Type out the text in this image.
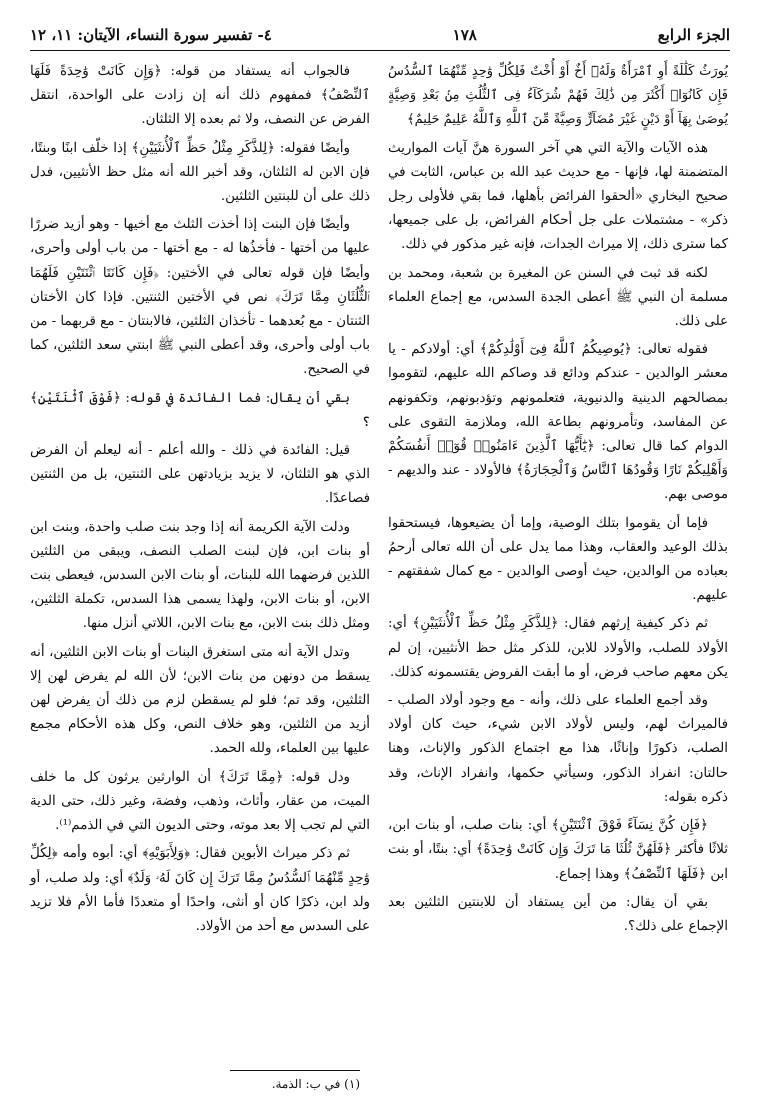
الجزء الرابع
١٧٨
٤- تفسير سورة النساء، الآيتان: ١١، ١٢

يُورَثُ كَلَٰلَةً أَوِ ٱمْرَأَةٌ وَلَهُۥٓ أَخٌ أَوْ أُخْتٌ فَلِكُلِّ وَٰحِدٍ مِّنْهُمَا ٱلسُّدُسُ فَإِن كَانُوٓا۟ أَكْثَرَ مِن ذَٰلِكَ فَهُمْ شُرَكَآءُ فِى ٱلثُّلُثِ مِنۢ بَعْدِ وَصِيَّةٍ يُوصَىٰ بِهَآ أَوْ دَيْنٍ غَيْرَ مُضَآرٍّ وَصِيَّةً مِّنَ ٱللَّهِ وَٱللَّهُ عَلِيمٌ حَلِيمٌ﴾

هذه الآيات والآية التي هي آخر السورة هنَّ آيات المواريث المتضمنة لها، فإنها - مع حديث عبد الله بن عباس، الثابت في صحيح البخاري «ألحقوا الفرائض بأهلها، فما بقي فلأولى رجل ذكر» - مشتملات على جل أحكام الفرائض، بل على جميعها، كما سترى ذلك، إلا ميراث الجدات، فإنه غير مذكور في ذلك.

لكنه قد ثبت في السنن عن المغيرة بن شعبة، ومحمد بن مسلمة أن النبي ﷺ أعطى الجدة السدس، مع إجماع العلماء على ذلك.

فقوله تعالى: ﴿يُوصِيكُمُ ٱللَّهُ فِىٓ أَوْلَٰدِكُمْ﴾ أي: أولادكم - يا معشر الوالدين - عندكم ودائع قد وصاكم الله عليهم، لتقوموا بمصالحهم الدينية والدنيوية، فتعلمونهم وتؤدبونهم، وتكفونهم عن المفاسد، وتأمرونهم بطاعة الله، وملازمة التقوى على الدوام كما قال تعالى: ﴿يَٰٓأَيُّهَا ٱلَّذِينَ ءَامَنُوا۟ قُوٓا۟ أَنفُسَكُمْ وَأَهْلِيكُمْ نَارًا وَقُودُهَا ٱلنَّاسُ وَٱلْحِجَارَةُ﴾ فالأولاد - عند والديهم - موصى بهم.

فإما أن يقوموا بتلك الوصية، وإما أن يضيعوها، فيستحقوا بذلك الوعيد والعقاب، وهذا مما يدل على أن الله تعالى أرحمُ بعباده من الوالدين، حيث أوصى الوالدين - مع كمال شفقتهم - عليهم.

ثم ذكر كيفية إرثهم فقال: ﴿لِلذَّكَرِ مِثْلُ حَظِّ ٱلْأُنثَيَيْنِ﴾ أي: الأولاد للصلب، والأولاد للابن، للذكر مثل حظ الأنثيين، إن لم يكن معهم صاحب فرض، أو ما أبقت الفروض يقتسمونه كذلك.

وقد أجمع العلماء على ذلك، وأنه - مع وجود أولاد الصلب - فالميراث لهم، وليس لأولاد الابن شيء، حيث كان أولاد الصلب، ذكورًا وإناثًا، هذا مع اجتماع الذكور والإناث، وهنا حالتان: انفراد الذكور، وسيأتي حكمها، وانفراد الإناث، وقد ذكره بقوله:

﴿فَإِن كُنَّ نِسَآءً فَوْقَ ٱثْنَتَيْنِ﴾ أي: بنات صلب، أو بنات ابن، ثلاثًا فأكثر ﴿فَلَهُنَّ ثُلُثَا مَا تَرَكَ وَإِن كَانَتْ وَٰحِدَةً﴾ أي: بنتًا، أو بنت ابن ﴿فَلَهَا ٱلنِّصْفُ﴾ وهذا إجماع.

بقي أن يقال: من أين يستفاد أن للابنتين الثلثين بعد الإجماع على ذلك؟.

فالجواب أنه يستفاد من قوله: ﴿وَإِن كَانَتْ وَٰحِدَةً فَلَهَا ٱلنِّصْفُ﴾ فمفهوم ذلك أنه إن زادت على الواحدة، انتقل الفرض عن النصف، ولا ثم بعده إلا الثلثان.

وأيضًا فقوله: ﴿لِلذَّكَرِ مِثْلُ حَظِّ ٱلْأُنثَيَيْنِ﴾ إذا خلّف ابنًا وبنتًا، فإن الابن له الثلثان، وقد أخبر الله أنه مثل حظ الأنثيين، فدل ذلك على أن للبنتين الثلثين.

وأيضًا فإن البنت إذا أخذت الثلث مع أخيها - وهو أزيد ضررًا عليها من أختها - فأخذُها له - مع أختها - من باب أولى وأحرى، وأيضًا فإن قوله تعالى في الأختين: ﴿فَإِن كَانَتَا ٱثْنَتَيْنِ فَلَهُمَا ٱلثُّلُثَانِ مِمَّا تَرَكَ﴾ نص في الأختين الثنتين. فإذا كان الأختان الثنتان - مع بُعدهما - تأخذان الثلثين، فالابنتان - مع قربهما - من باب أولى وأحرى، وقد أعطى النبي ﷺ ابنتي سعد الثلثين، كما في الصحيح.

بقي أن يقال: فما الفائدة في قوله: ﴿فَوْقَ ٱثْنَتَيْنِ﴾ ؟

قيل: الفائدة في ذلك - والله أعلم - أنه ليعلم أن الفرض الذي هو الثلثان، لا يزيد بزيادتهن على الثنتين، بل من الثنتين فصاعدًا.

ودلت الآية الكريمة أنه إذا وجد بنت صلب واحدة، وبنت ابن أو بنات ابن، فإن لبنت الصلب النصف، ويبقى من الثلثين اللذين فرضهما الله للبنات، أو بنات الابن السدس، فيعطى بنت الابن، أو بنات الابن، ولهذا يسمى هذا السدس، تكملة الثلثين، ومثل ذلك بنت الابن، مع بنات الابن، اللاتي أنزل منها.

وتدل الآية أنه متى استغرق البنات أو بنات الابن الثلثين، أنه يسقط من دونهن من بنات الابن؛ لأن الله لم يفرض لهن إلا الثلثين، وقد تم؛ فلو لم يسقطن لزم من ذلك أن يفرض لهن أزيد من الثلثين، وهو خلاف النص، وكل هذه الأحكام مجمع عليها بين العلماء، ولله الحمد.

ودل قوله: ﴿مِمَّا تَرَكَ﴾ أن الوارثين يرثون كل ما خلف الميت، من عقار، وأثاث، وذهب، وفضة، وغير ذلك، حتى الدية التي لم تجب إلا بعد موته، وحتى الديون التي في الذمم⁽¹⁾.

ثم ذكر ميراث الأبوين فقال: ﴿وَلِأَبَوَيْهِ﴾ أي: أبوه وأمه ﴿لِكُلِّ وَٰحِدٍ مِّنْهُمَا ٱلسُّدُسُ مِمَّا تَرَكَ إِن كَانَ لَهُۥ وَلَدٌ﴾ أي: ولد صلب، أو ولد ابن، ذكرًا كان أو أنثى، واحدًا أو متعددًا فأما الأم فلا تزيد على السدس مع أحد من الأولاد.

(١) في ب: الذمة.
